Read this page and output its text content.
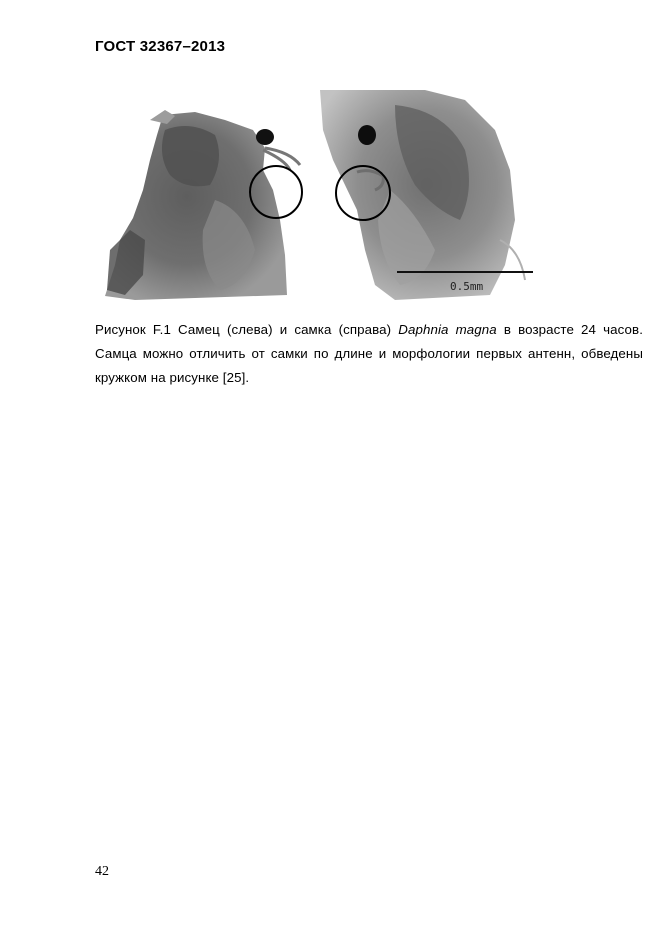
ГОСТ 32367–2013
0.5mm
Рисунок F.1 Самец (слева) и самка (справа) Daphnia magna в возрасте 24 часов. Самца можно отличить от самки по длине и морфологии первых антенн, обведены кружком на рисунке [25].
42
